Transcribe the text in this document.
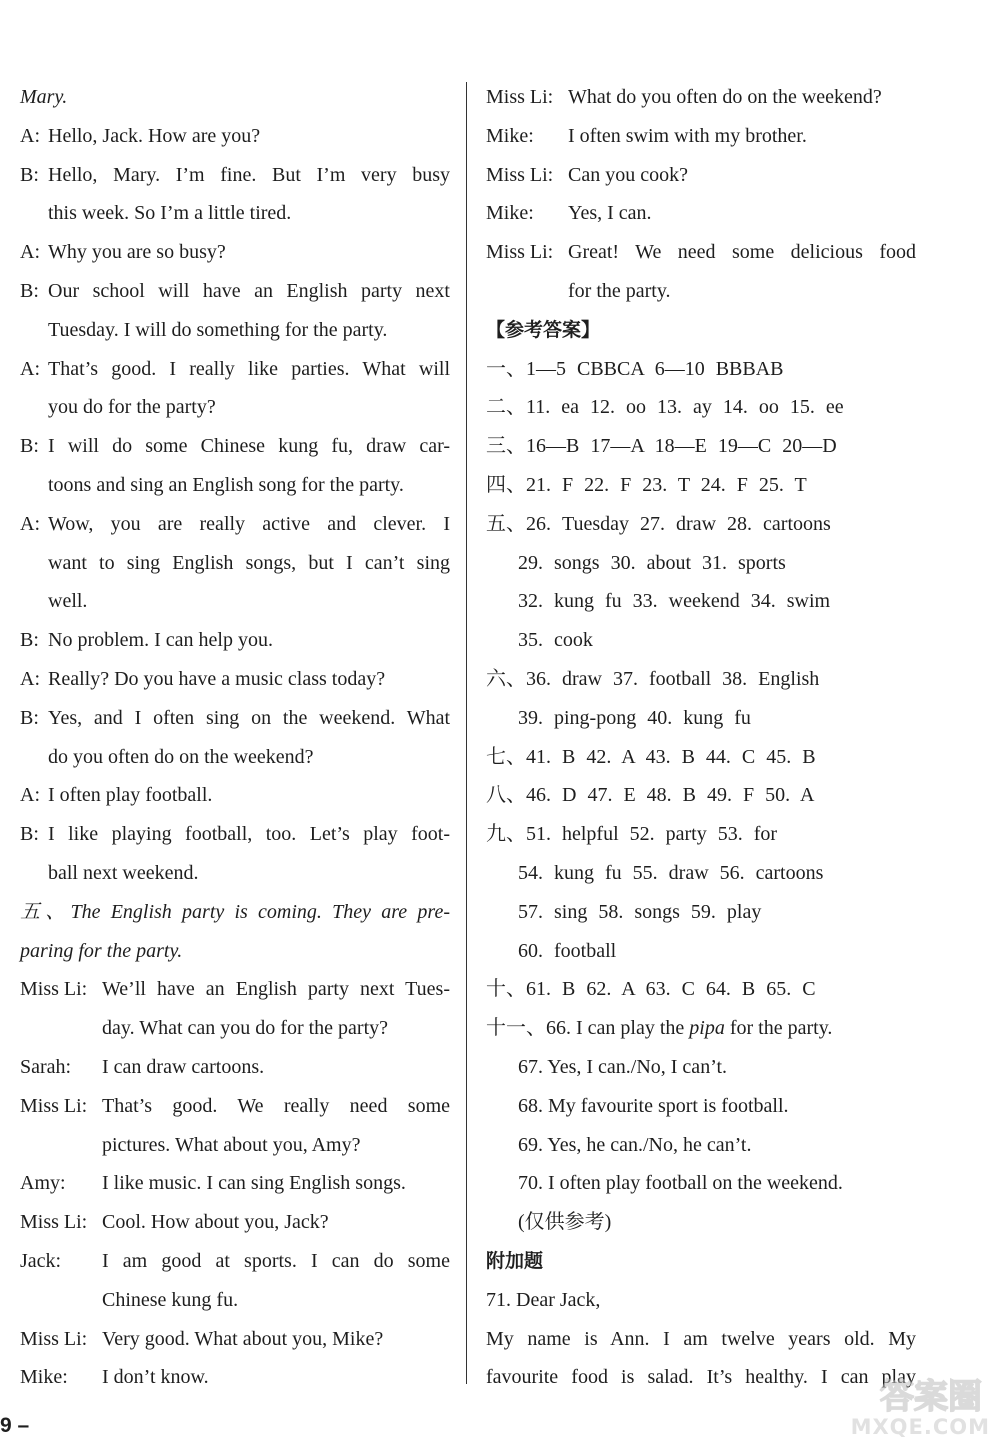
Mary.
A: Hello, Jack. How are you?
B: Hello, Mary. I’m fine. But I’m very busy
this week. So I’m a little tired.
A: Why you are so busy?
B: Our school will have an English party next
Tuesday. I will do something for the party.
A: That’s good. I really like parties. What will
you do for the party?
B: I will do some Chinese kung fu, draw car-
toons and sing an English song for the party.
A: Wow, you are really active and clever. I
want to sing English songs, but I can’t sing
well.
B: No problem. I can help you.
A: Really? Do you have a music class today?
B: Yes, and I often sing on the weekend. What
do you often do on the weekend?
A: I often play football.
B: I like playing football, too. Let’s play foot-
ball next weekend.
五、The English party is coming. They are pre-
paring for the party.
Miss Li: We’ll have an English party next Tues-
day. What can you do for the party?
Sarah: I can draw cartoons.
Miss Li: That’s good. We really need some
pictures. What about you, Amy?
Amy: I like music. I can sing English songs.
Miss Li: Cool. How about you, Jack?
Jack: I am good at sports. I can do some
Chinese kung fu.
Miss Li: Very good. What about you, Mike?
Mike: I don’t know.
Miss Li: What do you often do on the weekend?
Mike: I often swim with my brother.
Miss Li: Can you cook?
Mike: Yes, I can.
Miss Li: Great! We need some delicious food
for the party.
【参考答案】
一、1—5 CBBCA 6—10 BBBAB
二、11. ea 12. oo 13. ay 14. oo 15. ee
三、16—B 17—A 18—E 19—C 20—D
四、21. F 22. F 23. T 24. F 25. T
五、26. Tuesday 27. draw 28. cartoons
29. songs 30. about 31. sports
32. kung fu 33. weekend 34. swim
35. cook
六、36. draw 37. football 38. English
39. ping-pong 40. kung fu
七、41. B 42. A 43. B 44. C 45. B
八、46. D 47. E 48. B 49. F 50. A
九、51. helpful 52. party 53. for
54. kung fu 55. draw 56. cartoons
57. sing 58. songs 59. play
60. football
十、61. B 62. A 63. C 64. B 65. C
十一、66. I can play the pipa for the party.
67. Yes, I can./No, I can’t.
68. My favourite sport is football.
69. Yes, he can./No, he can’t.
70. I often play football on the weekend.
(仅供参考)
附加题
71. Dear Jack,
My name is Ann. I am twelve years old. My
favourite food is salad. It’s healthy. I can play
9 –
答案圈
MXQE.COM
